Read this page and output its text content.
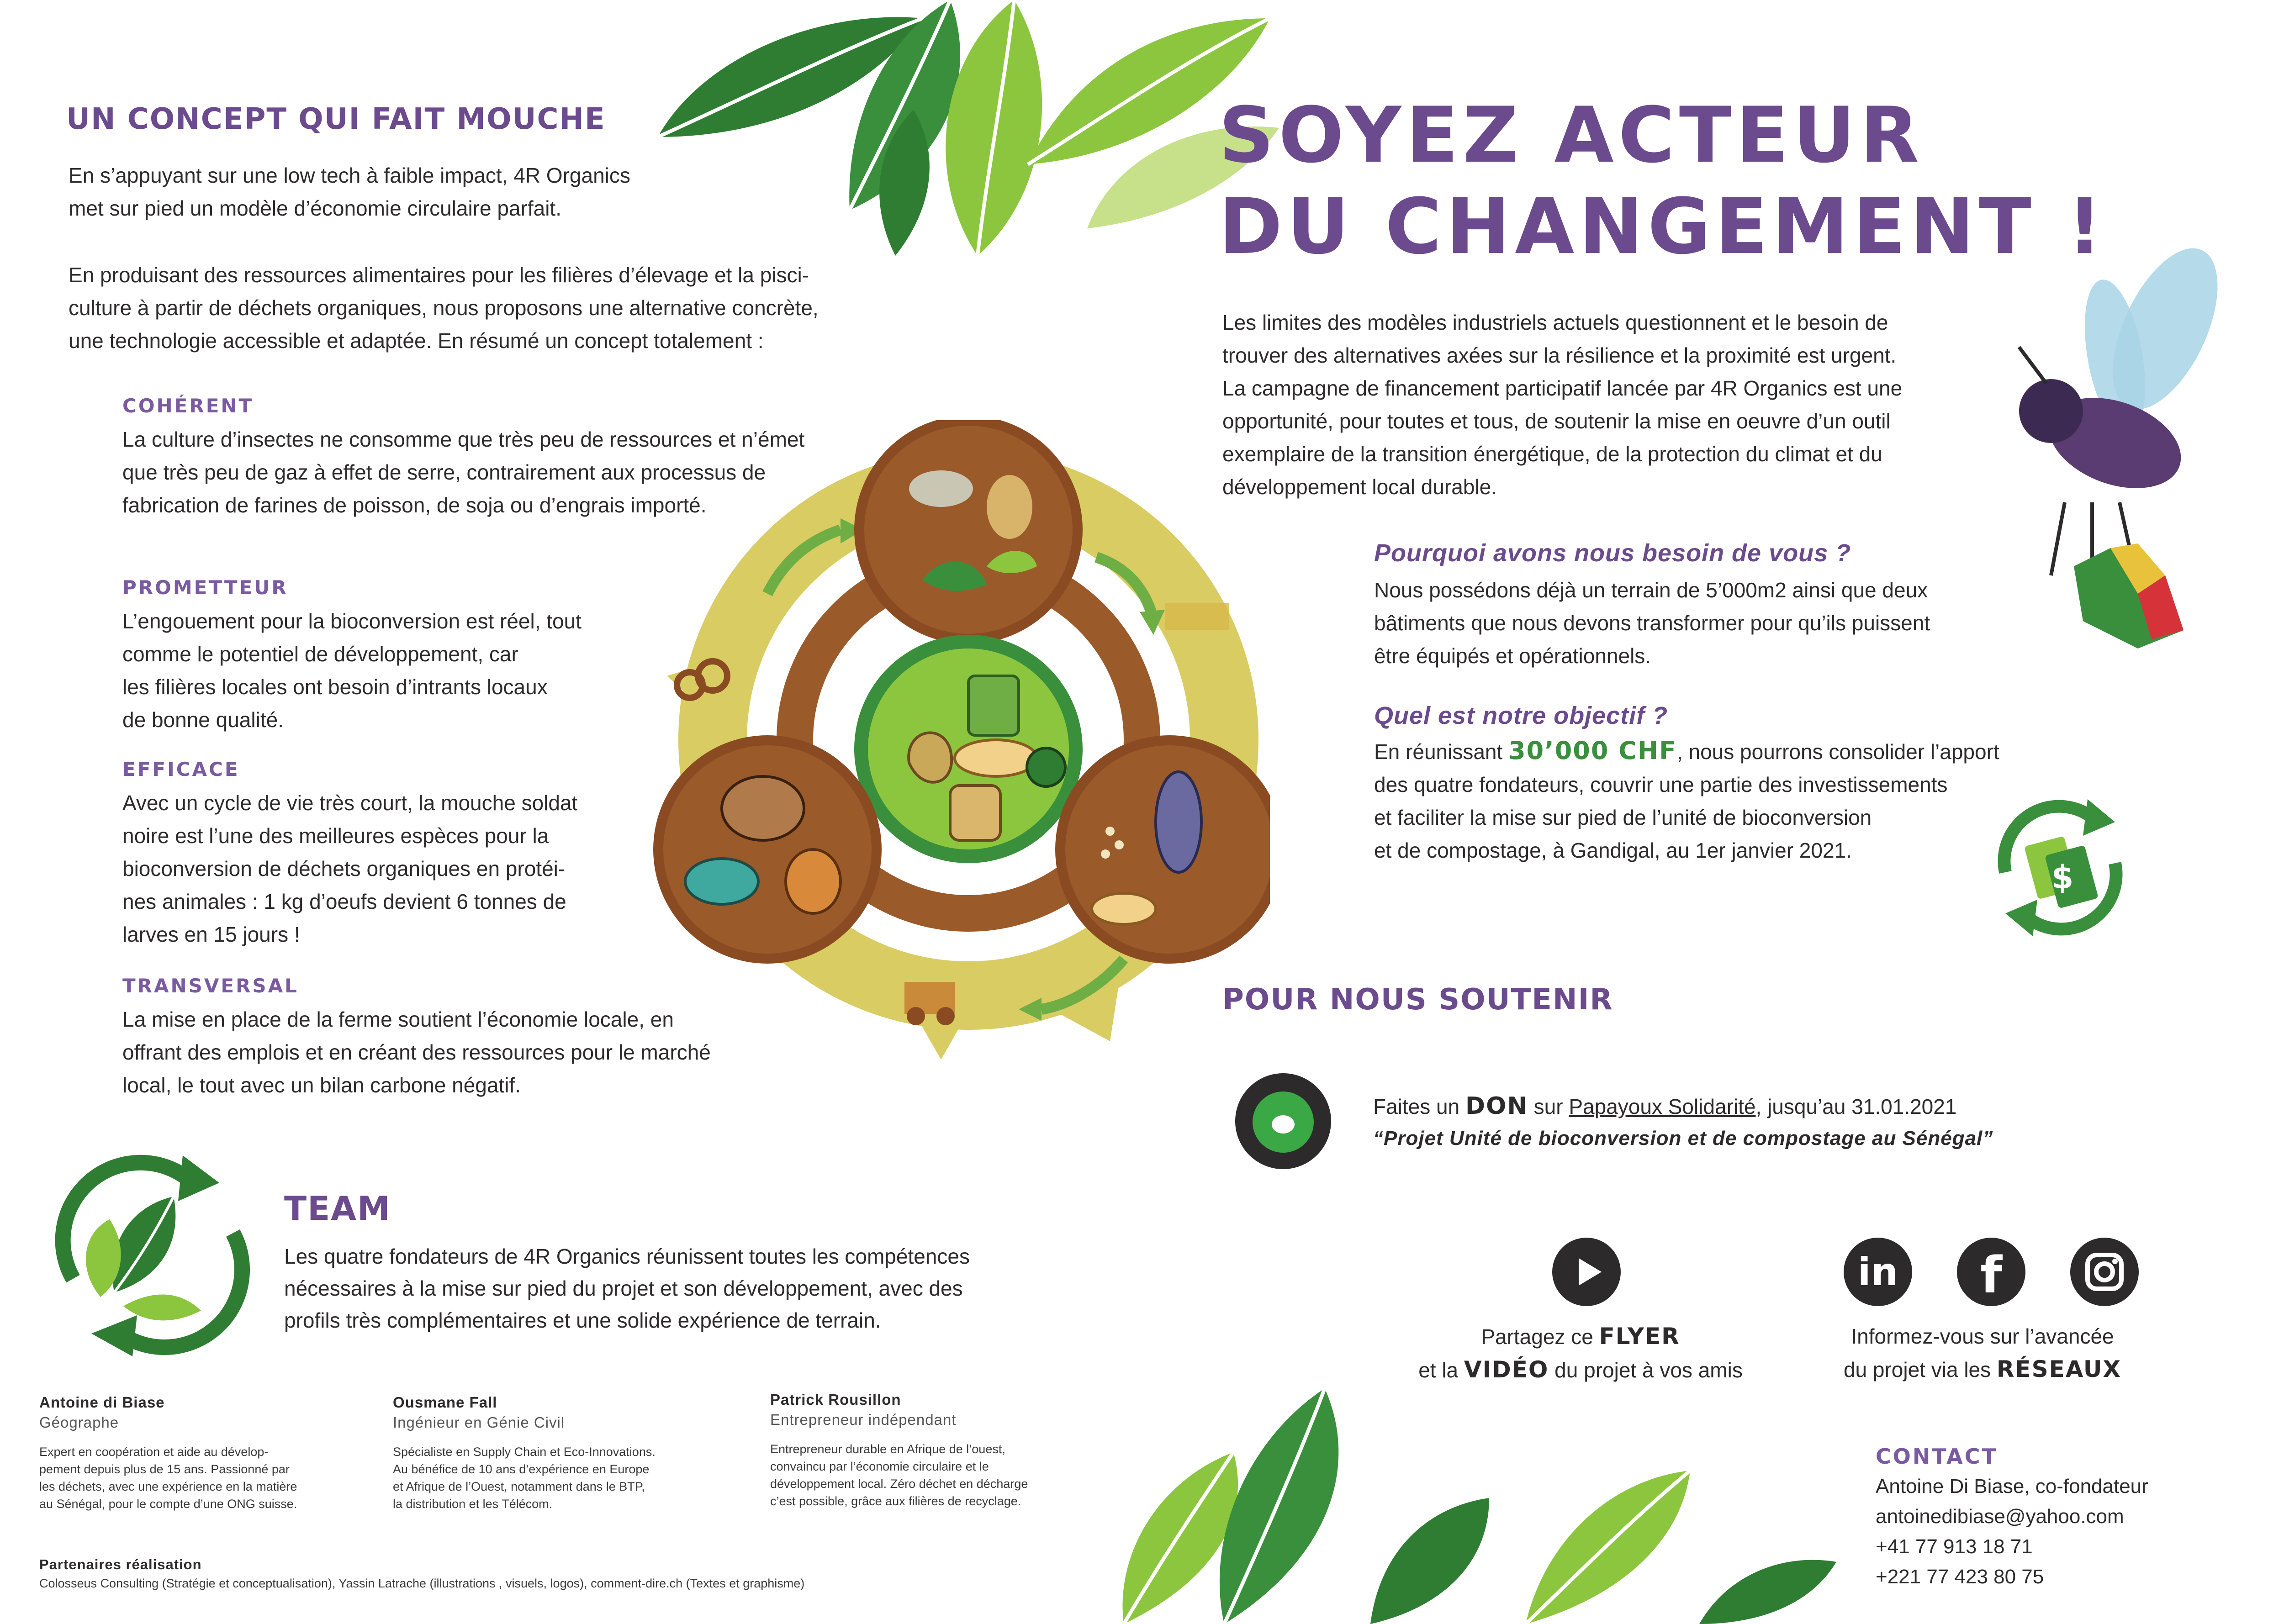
UN CONCEPT QUI FAIT MOUCHE
En s’appuyant sur une low tech à faible impact, 4R Organics
met sur pied un modèle d’économie circulaire parfait.
En produisant des ressources alimentaires pour les filières d’élevage et la pisci-
culture à partir de déchets organiques, nous proposons une alternative concrète,
une technologie accessible et adaptée. En résumé un concept totalement :
COHÉRENT
La culture d’insectes ne consomme que très peu de ressources et n’émet
que très peu de gaz à effet de serre, contrairement aux processus de
fabrication de farines de poisson, de soja ou d’engrais importé.
PROMETTEUR
L’engouement pour la bioconversion est réel, tout
comme le potentiel de développement, car
les filières locales ont besoin d’intrants locaux
de bonne qualité.
EFFICACE
Avec un cycle de vie très court, la mouche soldat
noire est l’une des meilleures espèces pour la
bioconversion de déchets organiques en protéi-
nes animales : 1 kg d’oeufs devient 6 tonnes de
larves en 15 jours !
TRANSVERSAL
La mise en place de la ferme soutient l’économie locale, en
offrant des emplois et en créant des ressources pour le marché
local, le tout avec un bilan carbone négatif.
SOYEZ ACTEUR
DU CHANGEMENT !
Les limites des modèles industriels actuels questionnent et le besoin de
trouver des alternatives axées sur la résilience et la proximité est urgent.
La campagne de financement participatif lancée par 4R Organics est une
opportunité, pour toutes et tous, de soutenir la mise en oeuvre d’un outil
exemplaire de la transition énergétique, de la protection du climat et du
développement local durable.
Pourquoi avons nous besoin de vous ?
Nous possédons déjà un terrain de 5’000m2 ainsi que deux
bâtiments que nous devons transformer pour qu’ils puissent
être équipés et opérationnels.
Quel est notre objectif ?
En réunissant 30’000 CHF, nous pourrons consolider l’apport
des quatre fondateurs, couvrir une partie des investissements
et faciliter la mise sur pied de l’unité de bioconversion
et de compostage, à Gandigal, au 1er janvier 2021.
$
POUR NOUS SOUTENIR
Faites un DON sur Papayoux Solidarité, jusqu’au 31.01.2021
“Projet Unité de bioconversion et de compostage au Sénégal”
in	f
Partagez ce FLYER
et la VIDÉO du projet à vos amis
Informez-vous sur l’avancée
du projet via les RÉSEAUX
TEAM
Les quatre fondateurs de 4R Organics réunissent toutes les compétences
nécessaires à la mise sur pied du projet et son développement, avec des
profils très complémentaires et une solide expérience de terrain.
Antoine di Biase
Géographe
Expert en coopération et aide au dévelop-
pement depuis plus de 15 ans. Passionné par
les déchets, avec une expérience en la matière
au Sénégal, pour le compte d’une ONG suisse.
Ousmane Fall
Ingénieur en Génie Civil
Spécialiste en Supply Chain et Eco-Innovations.
Au bénéfice de 10 ans d’expérience en Europe
et Afrique de l’Ouest, notamment dans le BTP,
la distribution et les Télécom.
Patrick Rousillon
Entrepreneur indépendant
Entrepreneur durable en Afrique de l’ouest,
convaincu par l’économie circulaire et le
développement local. Zéro déchet en décharge
c’est possible, grâce aux filières de recyclage.
Partenaires réalisation
Colosseus Consulting (Stratégie et conceptualisation), Yassin Latrache (illustrations , visuels, logos), comment-dire.ch (Textes et graphisme)
CONTACT
Antoine Di Biase, co-fondateur
antoinedibiase@yahoo.com
+41 77 913 18 71
+221 77 423 80 75
